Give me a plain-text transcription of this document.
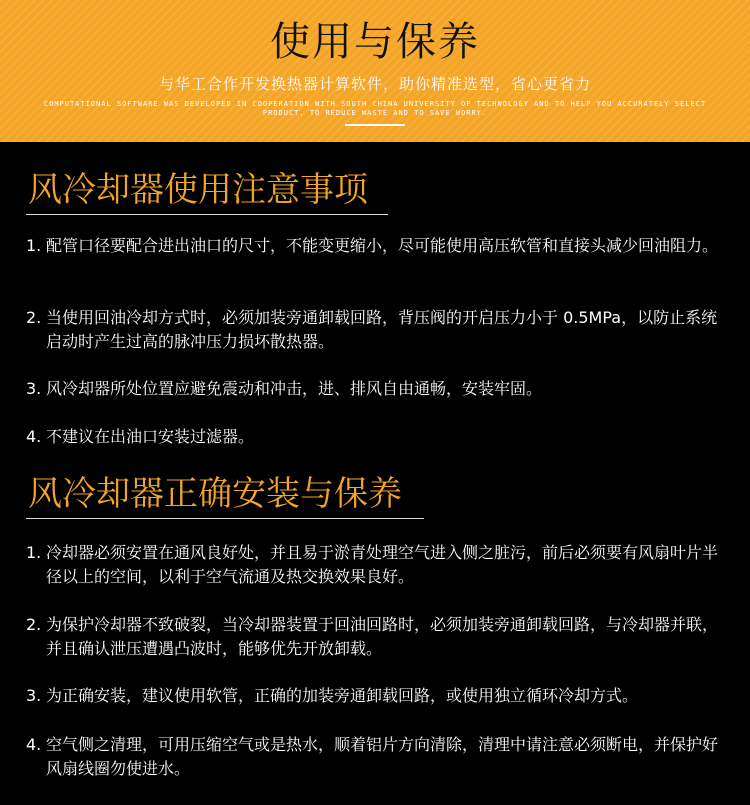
使用与保养
与华工合作开发换热器计算软件，助你精准选型，省心更省力
COMPUTATIONAL SOFTWARE WAS DEVELOPED IN COOPERATION WITH SOUTH CHINA UNIVERSITY OF TECHNOLOGY AND TO HELP YOU ACCURATELY SELECT PRODUCT, TO REDUCE WASTE AND TO SAVE WORRY.
风冷却器使用注意事项
1. 配管口径要配合进出油口的尺寸，不能变更缩小，尽可能使用高压软管和直接头减少回油阻力。
2. 当使用回油冷却方式时，必须加装旁通卸载回路，背压阀的开启压力小于 0.5MPa，以防止系统启动时产生过高的脉冲压力损坏散热器。
3. 风冷却器所处位置应避免震动和冲击，进、排风自由通畅，安装牢固。
4. 不建议在出油口安装过滤器。
风冷却器正确安装与保养
1. 冷却器必须安置在通风良好处，并且易于淤青处理空气进入侧之脏污，前后必须要有风扇叶片半径以上的空间，以利于空气流通及热交换效果良好。
2. 为保护冷却器不致破裂，当冷却器装置于回油回路时，必须加装旁通卸载回路，与冷却器并联，并且确认泄压遭遇凸波时，能够优先开放卸载。
3. 为正确安装，建议使用软管，正确的加装旁通卸载回路，或使用独立循环冷却方式。
4. 空气侧之清理，可用压缩空气或是热水，顺着铝片方向清除，清理中请注意必须断电，并保护好风扇线圈勿使进水。
